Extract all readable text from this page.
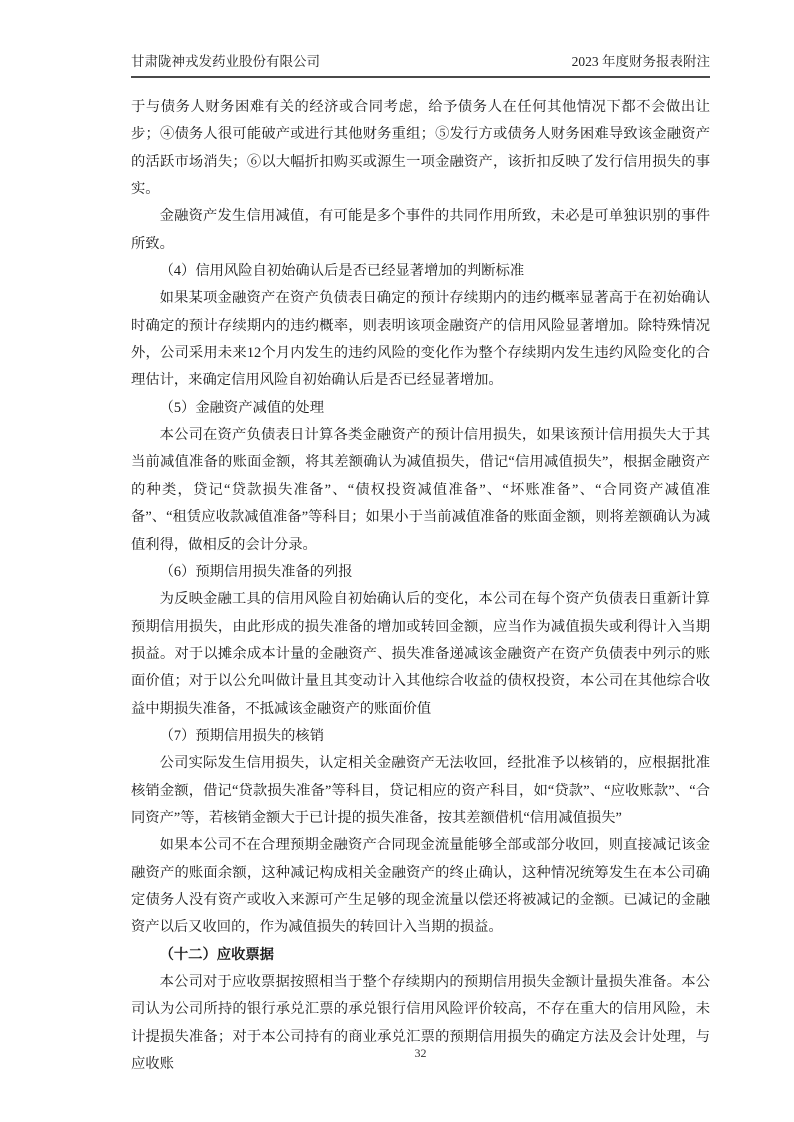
甘肃陇神戎发药业股份有限公司	2023 年度财务报表附注

于与债务人财务困难有关的经济或合同考虑，给予债务人在任何其他情况下都不会做出让步；④债务人很可能破产或进行其他财务重组；⑤发行方或债务人财务困难导致该金融资产的活跃市场消失；⑥以大幅折扣购买或源生一项金融资产，该折扣反映了发行信用损失的事实。

金融资产发生信用减值，有可能是多个事件的共同作用所致，未必是可单独识别的事件所致。

（4）信用风险自初始确认后是否已经显著增加的判断标准

如果某项金融资产在资产负债表日确定的预计存续期内的违约概率显著高于在初始确认时确定的预计存续期内的违约概率，则表明该项金融资产的信用风险显著增加。除特殊情况外，公司采用未来12个月内发生的违约风险的变化作为整个存续期内发生违约风险变化的合理估计，来确定信用风险自初始确认后是否已经显著增加。

（5）金融资产减值的处理

本公司在资产负债表日计算各类金融资产的预计信用损失，如果该预计信用损失大于其当前减值准备的账面金额，将其差额确认为减值损失，借记“信用减值损失”，根据金融资产的种类，贷记“贷款损失准备”、“债权投资减值准备”、“坏账准备”、“合同资产减值准备”、“租赁应收款减值准备”等科目；如果小于当前减值准备的账面金额，则将差额确认为减值利得，做相反的会计分录。

（6）预期信用损失准备的列报

为反映金融工具的信用风险自初始确认后的变化，本公司在每个资产负债表日重新计算预期信用损失，由此形成的损失准备的增加或转回金额，应当作为减值损失或利得计入当期损益。对于以摊余成本计量的金融资产、损失准备递减该金融资产在资产负债表中列示的账面价值；对于以公允叫做计量且其变动计入其他综合收益的债权投资，本公司在其他综合收益中期损失准备，不抵减该金融资产的账面价值

（7）预期信用损失的核销

公司实际发生信用损失，认定相关金融资产无法收回，经批准予以核销的，应根据批准核销金额，借记“贷款损失准备”等科目，贷记相应的资产科目，如“贷款”、“应收账款”、“合同资产”等，若核销金额大于已计提的损失准备，按其差额借机“信用减值损失”

如果本公司不在合理预期金融资产合同现金流量能够全部或部分收回，则直接减记该金融资产的账面余额，这种减记构成相关金融资产的终止确认，这种情况统筹发生在本公司确定债务人没有资产或收入来源可产生足够的现金流量以偿还将被减记的金额。已减记的金融资产以后又收回的，作为减值损失的转回计入当期的损益。

（十二）应收票据

本公司对于应收票据按照相当于整个存续期内的预期信用损失金额计量损失准备。本公司认为公司所持的银行承兑汇票的承兑银行信用风险评价较高，不存在重大的信用风险，未计提损失准备；对于本公司持有的商业承兑汇票的预期信用损失的确定方法及会计处理，与应收账

32
